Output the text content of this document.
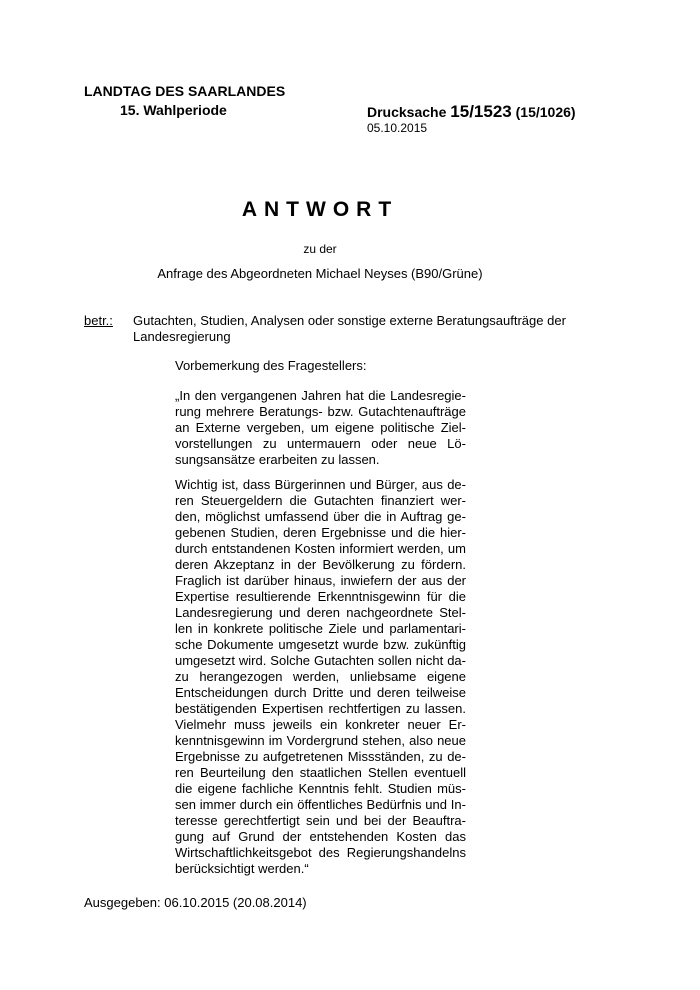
LANDTAG DES SAARLANDES
15. Wahlperiode	Drucksache 15/1523 (15/1026)
05.10.2015
ANTWORT
zu der
Anfrage des Abgeordneten Michael Neyses (B90/Grüne)
betr.: Gutachten, Studien, Analysen oder sonstige externe Beratungsaufträge der Landesregierung
Vorbemerkung des Fragestellers:
„In den vergangenen Jahren hat die Landesregierung mehrere Beratungs- bzw. Gutachtenaufträge an Externe vergeben, um eigene politische Zielvorstellungen zu untermauern oder neue Lösungsansätze erarbeiten zu lassen.
Wichtig ist, dass Bürgerinnen und Bürger, aus deren Steuergeldern die Gutachten finanziert werden, möglichst umfassend über die in Auftrag gegebenen Studien, deren Ergebnisse und die hierdurch entstandenen Kosten informiert werden, um deren Akzeptanz in der Bevölkerung zu fördern. Fraglich ist darüber hinaus, inwiefern der aus der Expertise resultierende Erkenntnisgewinn für die Landesregierung und deren nachgeordnete Stellen in konkrete politische Ziele und parlamentarische Dokumente umgesetzt wurde bzw. zukünftig umgesetzt wird. Solche Gutachten sollen nicht dazu herangezogen werden, unliebsame eigene Entscheidungen durch Dritte und deren teilweise bestätigenden Expertisen rechtfertigen zu lassen. Vielmehr muss jeweils ein konkreter neuer Erkenntnisgewinn im Vordergrund stehen, also neue Ergebnisse zu aufgetretenen Missständen, zu deren Beurteilung den staatlichen Stellen eventuell die eigene fachliche Kenntnis fehlt. Studien müssen immer durch ein öffentliches Bedürfnis und Interesse gerechtfertigt sein und bei der Beauftragung auf Grund der entstehenden Kosten das Wirtschaftlichkeitsgebot des Regierungshandelns berücksichtigt werden.“
Ausgegeben: 06.10.2015 (20.08.2014)
